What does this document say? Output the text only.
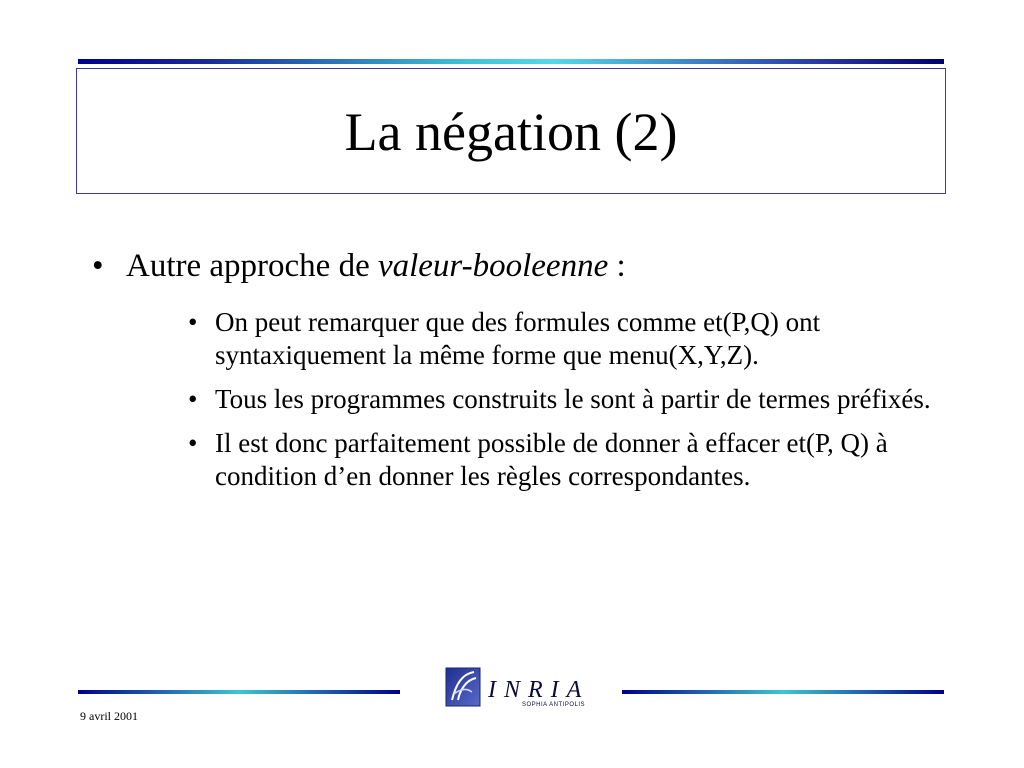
La négation (2)
• Autre approche de valeur-booleenne :
• On peut remarquer que des formules comme et(P,Q) ont syntaxiquement la même forme que menu(X,Y,Z).
• Tous les programmes construits le sont à partir de termes préfixés.
• Il est donc parfaitement possible de donner à effacer et(P, Q) à condition d’en donner les règles correspondantes.
INRIA
SOPHIA ANTIPOLIS
9 avril 2001
